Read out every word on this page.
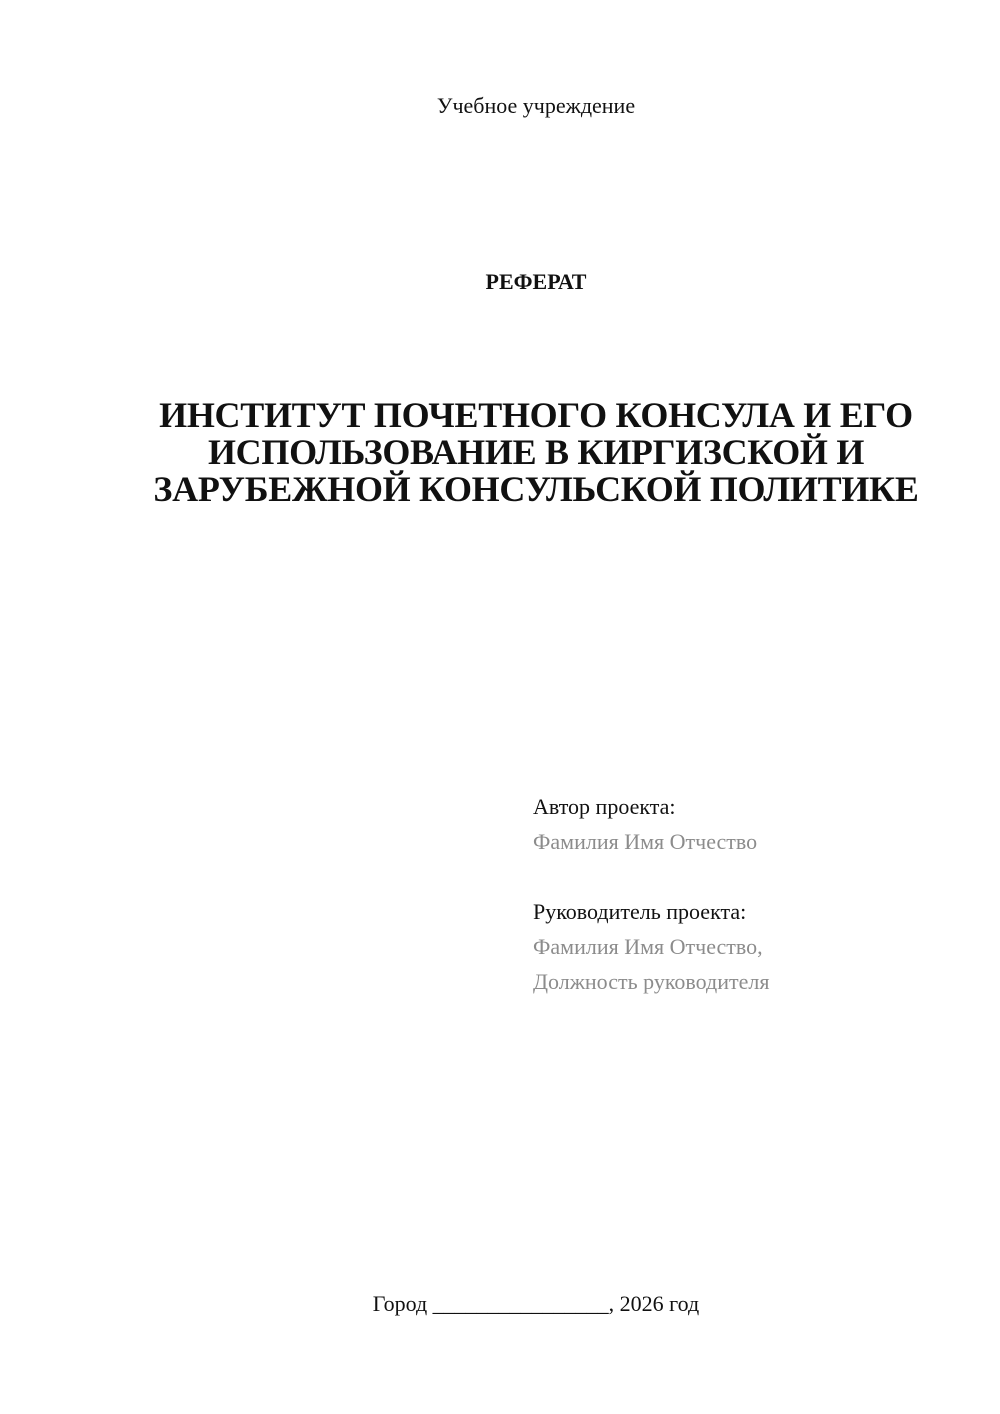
Учебное учреждение
РЕФЕРАТ
ИНСТИТУТ ПОЧЕТНОГО КОНСУЛА И ЕГО ИСПОЛЬЗОВАНИЕ В КИРГИЗСКОЙ И ЗАРУБЕЖНОЙ КОНСУЛЬСКОЙ ПОЛИТИКЕ
Автор проекта:
Фамилия Имя Отчество
Руководитель проекта:
Фамилия Имя Отчество,
Должность руководителя
Город ________________, 2026 год
